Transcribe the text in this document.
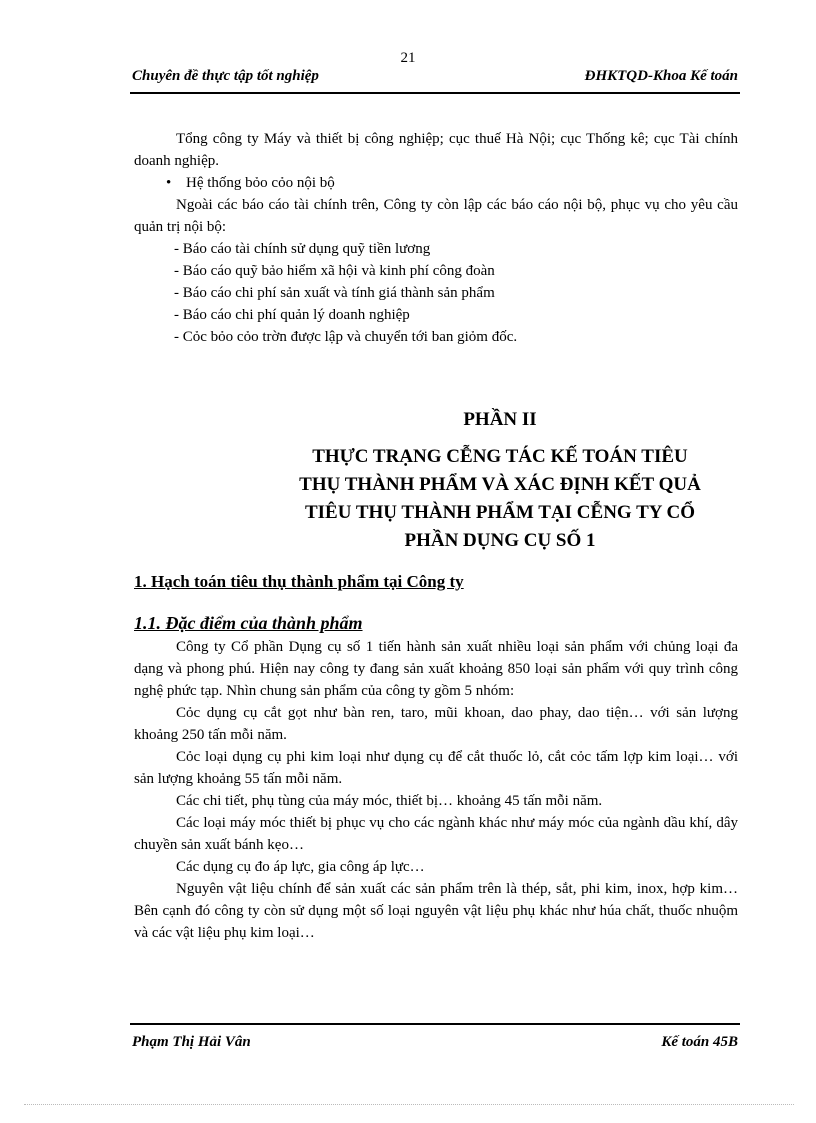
21
Chuyên đề thực tập tốt nghiệp	ĐHKTQD-Khoa Kế toán

Tổng công ty Máy và thiết bị công nghiệp; cục thuế Hà Nội; cục Thống kê; cục Tài chính doanh nghiệp.

• Hệ thống bỏo cỏo nội bộ

Ngoài các báo cáo tài chính trên, Công ty còn lập các báo cáo nội bộ, phục vụ cho yêu cầu quản trị nội bộ:

- Báo cáo tài chính sử dụng quỹ tiền lương
- Báo cáo quỹ bảo hiểm xã hội và kinh phí công đoàn
- Báo cáo chi phí sản xuất và tính giá thành sản phẩm
- Báo cáo chi phí quản lý doanh nghiệp
- Cỏc bỏo cỏo trờn được lập và chuyển tới ban giỏm đốc.
PHẦN II
THỰC TRẠNG CỄNG TÁC KẾ TOÁN TIÊU
THỤ THÀNH PHẨM VÀ XÁC ĐỊNH KẾT QUẢ
TIÊU THỤ THÀNH PHẨM TẠI CỄNG TY CỔ
PHẦN DỤNG CỤ SỐ 1
1. Hạch toán tiêu thụ thành phẩm tại Công ty
1.1. Đặc điểm của thành phẩm

Công ty Cổ phần Dụng cụ số 1 tiến hành sản xuất nhiều loại sản phẩm với chủng loại đa dạng và phong phú. Hiện nay công ty đang sản xuất khoảng 850 loại sản phẩm với quy trình công nghệ phức tạp. Nhìn chung sản phẩm của công ty gồm 5 nhóm:

Cỏc dụng cụ cắt gọt như bàn ren, taro, mũi khoan, dao phay, dao tiện… với sản lượng khoảng 250 tấn mỗi năm.

Cỏc loại dụng cụ phi kim loại như dụng cụ để cắt thuốc lỏ, cắt cỏc tấm lợp kim loại… với sản lượng khoảng 55 tấn mỗi năm.

Các chi tiết, phụ tùng của máy móc, thiết bị… khoảng 45 tấn mỗi năm.

Các loại máy móc thiết bị phục vụ cho các ngành khác như máy móc của ngành dầu khí, dây chuyền sản xuất bánh kẹo…

Các dụng cụ đo áp lực, gia công áp lực…

Nguyên vật liệu chính để sản xuất các sản phẩm trên là thép, sắt, phi kim, inox, hợp kim… Bên cạnh đó công ty còn sử dụng một số loại nguyên vật liệu phụ khác như húa chất, thuốc nhuộm và các vật liệu phụ kim loại…

Phạm Thị Hải Vân	Kế toán 45B
